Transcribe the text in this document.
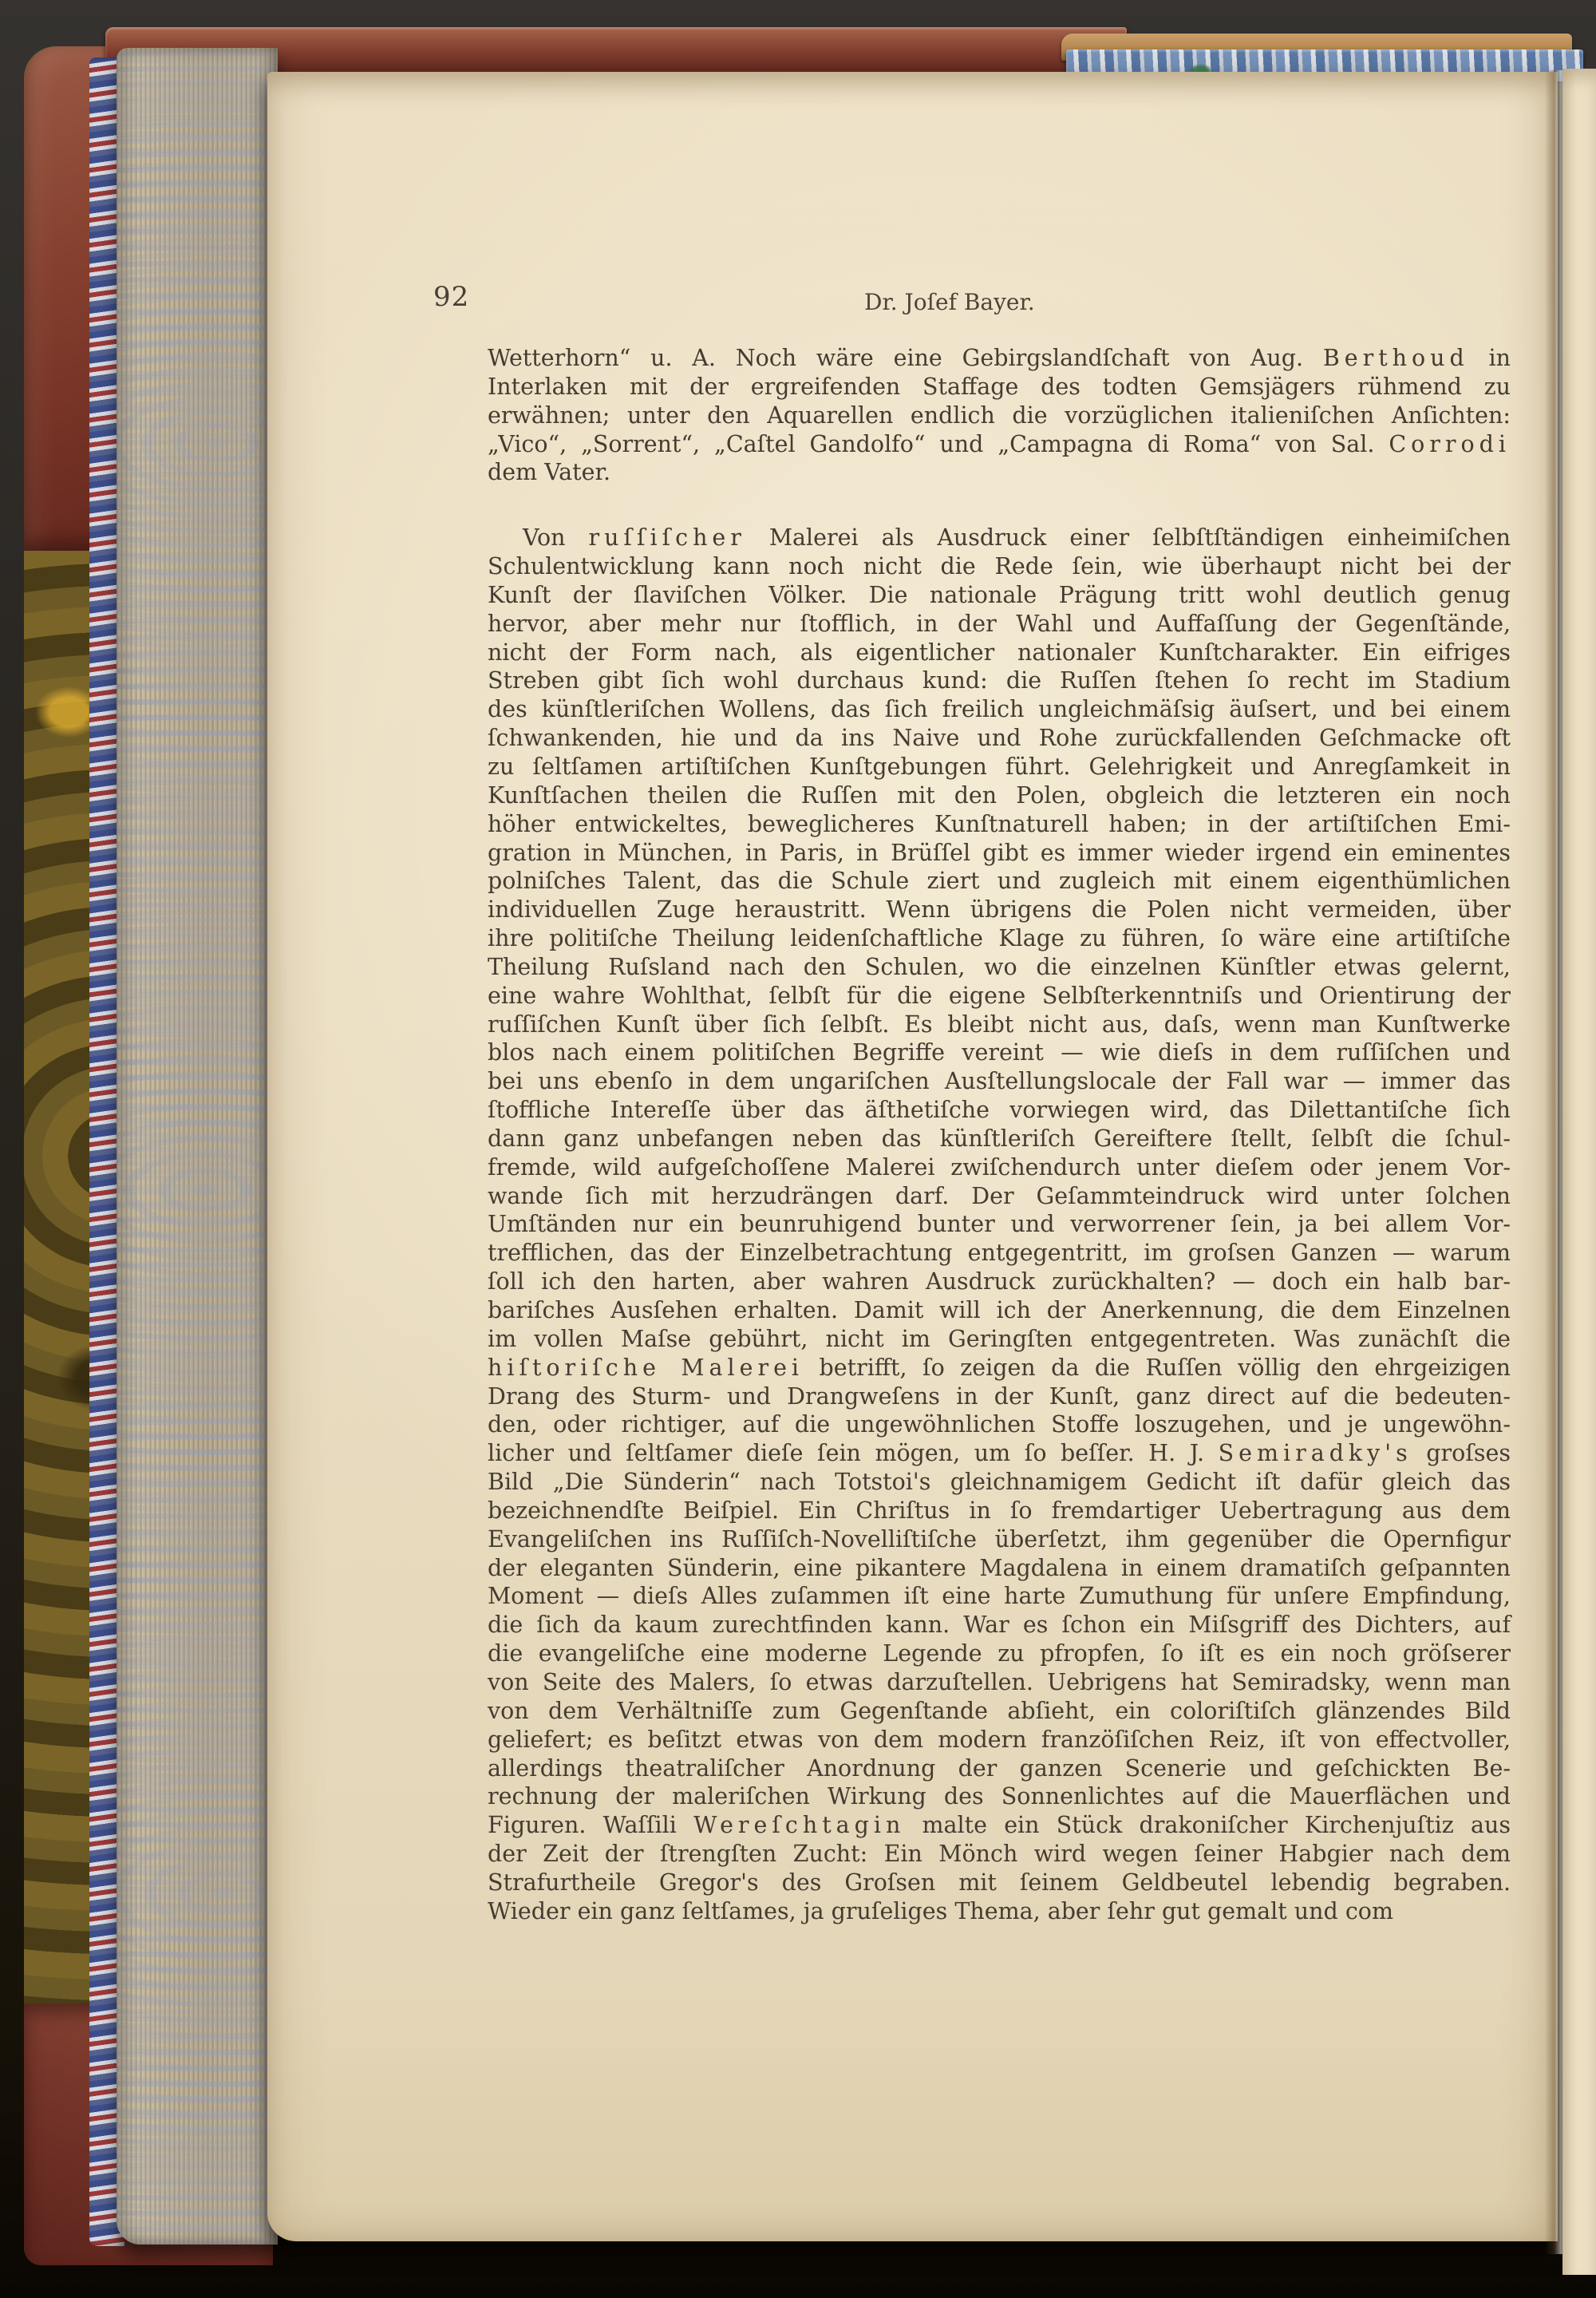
92	Dr. Joſef Bayer.
Wetterhorn“ u. A. Noch wäre eine Gebirgslandſchaft von Aug. Berthoud in
Interlaken mit der ergreifenden Staffage des todten Gemsjägers rühmend zu
erwähnen; unter den Aquarellen endlich die vorzüglichen italieniſchen Anſichten:
„Vico“, „Sorrent“, „Caſtel Gandolfo“ und „Campagna di Roma“ von Sal. Corrodi
dem Vater.
Von ruſſiſcher Malerei als Ausdruck einer ſelbſtſtändigen einheimiſchen
Schulentwicklung kann noch nicht die Rede ſein, wie überhaupt nicht bei der
Kunſt der ſlaviſchen Völker. Die nationale Prägung tritt wohl deutlich genug
hervor, aber mehr nur ſtofflich, in der Wahl und Auffaſſung der Gegenſtände,
nicht der Form nach, als eigentlicher nationaler Kunſtcharakter. Ein eifriges
Streben gibt ſich wohl durchaus kund: die Ruſſen ſtehen ſo recht im Stadium
des künſtleriſchen Wollens, das ſich freilich ungleichmäſsig äuſsert, und bei einem
ſchwankenden, hie und da ins Naive und Rohe zurückfallenden Geſchmacke oft
zu ſeltſamen artiſtiſchen Kunſtgebungen führt. Gelehrigkeit und Anregſamkeit in
Kunſtſachen theilen die Ruſſen mit den Polen, obgleich die letzteren ein noch
höher entwickeltes, beweglicheres Kunſtnaturell haben; in der artiſtiſchen Emi-
gration in München, in Paris, in Brüſſel gibt es immer wieder irgend ein eminentes
polniſches Talent, das die Schule ziert und zugleich mit einem eigenthümlichen
individuellen Zuge heraustritt. Wenn übrigens die Polen nicht vermeiden, über
ihre politiſche Theilung leidenſchaftliche Klage zu führen, ſo wäre eine artiſtiſche
Theilung Ruſsland nach den Schulen, wo die einzelnen Künſtler etwas gelernt,
eine wahre Wohlthat, ſelbſt für die eigene Selbſterkenntniſs und Orientirung der
ruſſiſchen Kunſt über ſich ſelbſt. Es bleibt nicht aus, daſs, wenn man Kunſtwerke
blos nach einem politiſchen Begriffe vereint — wie dieſs in dem ruſſiſchen und
bei uns ebenſo in dem ungariſchen Ausſtellungslocale der Fall war — immer das
ſtoffliche Intereſſe über das äſthetiſche vorwiegen wird, das Dilettantiſche ſich
dann ganz unbefangen neben das künſtleriſch Gereiftere ſtellt, ſelbſt die ſchul-
fremde, wild aufgeſchoſſene Malerei zwiſchendurch unter dieſem oder jenem Vor-
wande ſich mit herzudrängen darf. Der Geſammteindruck wird unter ſolchen
Umſtänden nur ein beunruhigend bunter und verworrener ſein, ja bei allem Vor-
trefflichen, das der Einzelbetrachtung entgegentritt, im groſsen Ganzen — warum
ſoll ich den harten, aber wahren Ausdruck zurückhalten? — doch ein halb bar-
bariſches Ausſehen erhalten. Damit will ich der Anerkennung, die dem Einzelnen
im vollen Maſse gebührt, nicht im Geringſten entgegentreten. Was zunächſt die
hiſtoriſche Malerei betrifft, ſo zeigen da die Ruſſen völlig den ehrgeizigen
Drang des Sturm- und Drangweſens in der Kunſt, ganz direct auf die bedeuten-
den, oder richtiger, auf die ungewöhnlichen Stoffe loszugehen, und je ungewöhn-
licher und ſeltſamer dieſe ſein mögen, um ſo beſſer. H. J. Semiradky's groſses
Bild „Die Sünderin“ nach Totstoi's gleichnamigem Gedicht iſt dafür gleich das
bezeichnendſte Beiſpiel. Ein Chriſtus in ſo fremdartiger Uebertragung aus dem
Evangeliſchen ins Ruſſiſch-Novelliſtiſche überſetzt, ihm gegenüber die Opernfigur
der eleganten Sünderin, eine pikantere Magdalena in einem dramatiſch geſpannten
Moment — dieſs Alles zuſammen iſt eine harte Zumuthung für unſere Empfindung,
die ſich da kaum zurechtfinden kann. War es ſchon ein Miſsgriff des Dichters, auf
die evangeliſche eine moderne Legende zu pfropfen, ſo iſt es ein noch gröſserer
von Seite des Malers, ſo etwas darzuſtellen. Uebrigens hat Semiradsky, wenn man
von dem Verhältniſſe zum Gegenſtande abſieht, ein coloriſtiſch glänzendes Bild
geliefert; es beſitzt etwas von dem modern franzöſiſchen Reiz, iſt von effectvoller,
allerdings theatraliſcher Anordnung der ganzen Scenerie und geſchickten Be-
rechnung der maleriſchen Wirkung des Sonnenlichtes auf die Mauerflächen und
Figuren. Waſſili Wereſchtagin malte ein Stück drakoniſcher Kirchenjuſtiz aus
der Zeit der ſtrengſten Zucht: Ein Mönch wird wegen ſeiner Habgier nach dem
Strafurtheile Gregor's des Groſsen mit ſeinem Geldbeutel lebendig begraben.
Wieder ein ganz ſeltſames, ja gruſeliges Thema, aber ſehr gut gemalt und com
